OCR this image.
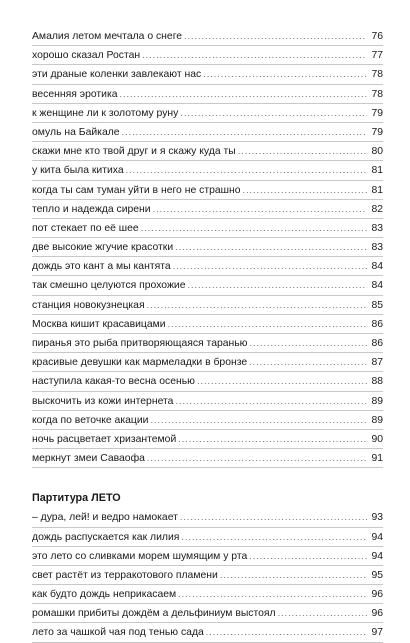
Амалия летом мечтала о снеге .....	76
хорошо сказал Ростан .....	77
эти драные коленки завлекают нас .....	78
весенняя эротика .....	78
к женщине ли к золотому руну .....	79
омуль на Байкале .....	79
скажи мне кто твой друг и я скажу куда ты .....	80
у кита была китиха .....	81
когда ты сам туман уйти в него не страшно .....	81
тепло и надежда сирени .....	82
пот стекает по её шее .....	83
две высокие жгучие красотки .....	83
дождь это кант а мы кантята .....	84
так смешно целуются прохожие .....	84
станция новокузнецкая .....	85
Москва кишит красавицами .....	86
пиранья это рыба притворяющаяся таранью .....	86
красивые девушки как мармеладки в бронзе .....	87
наступила какая-то весна осенью .....	88
выскочить из кожи интернета .....	89
когда по веточке акации .....	89
ночь расцветает хризантемой .....	90
меркнут змеи Саваофа .....	91
Партитура ЛЕТО
– дура, лей! и ведро намокает .....	93
дождь распускается как лилия .....	94
это лето со сливками морем шумящим у рта .....	94
свет растёт из терракотового пламени .....	95
как будто дождь неприкасаем .....	96
ромашки прибиты дождём а дельфиниум выстоял .....	96
лето за чашкой чая под тенью сада .....	97
